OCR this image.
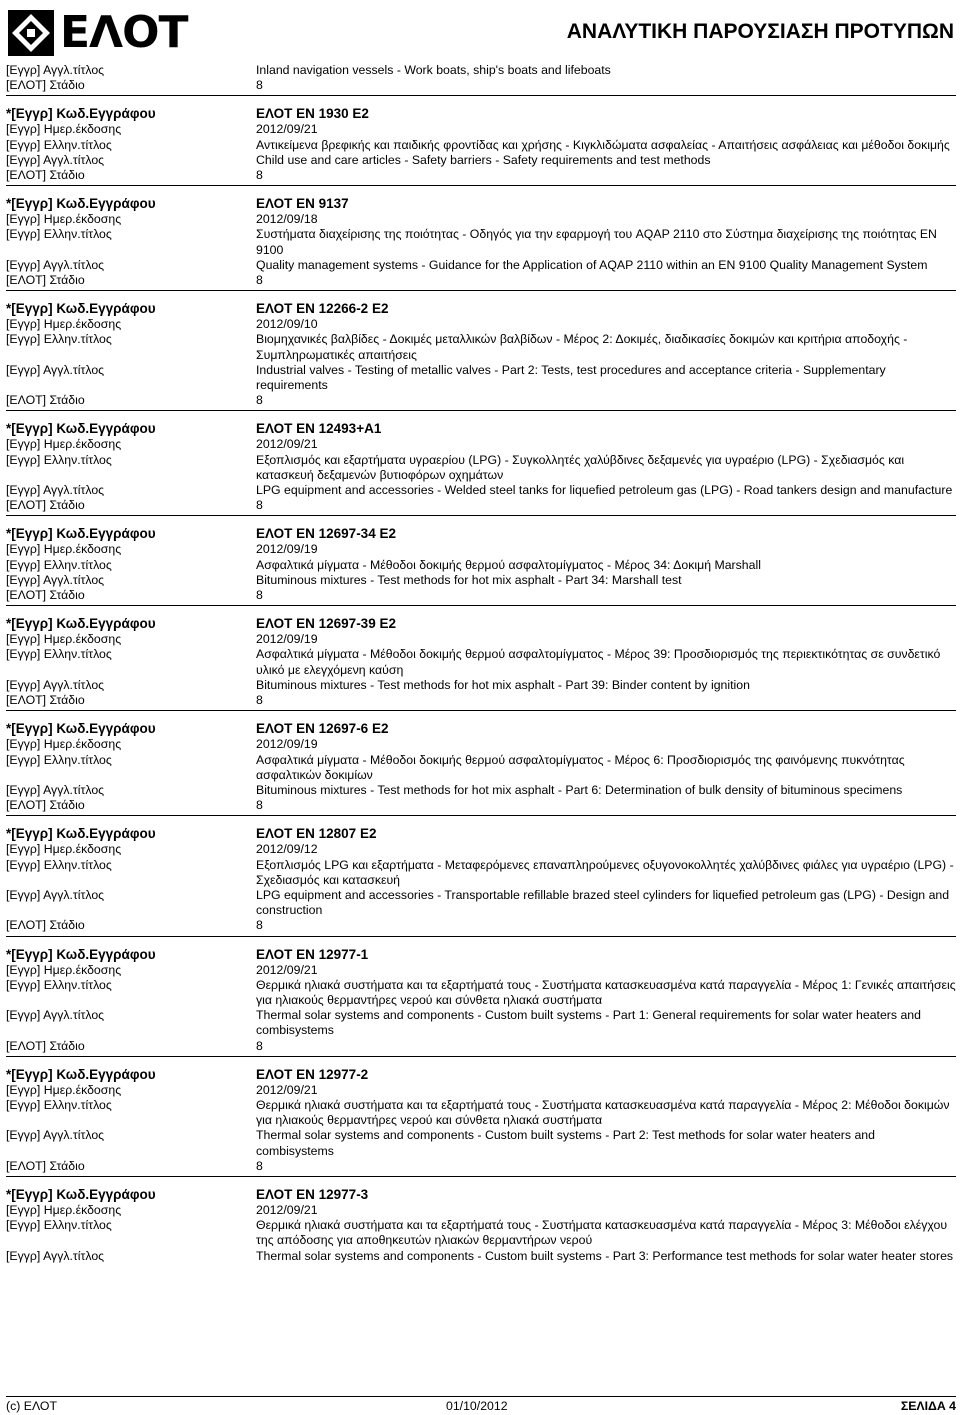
ΕΛΟΤ	ΑΝΑΛΥΤΙΚΗ ΠΑΡΟΥΣΙΑΣΗ ΠΡΟΤΥΠΩΝ
[Εγγρ] Αγγλ.τίτλος	Inland navigation vessels - Work boats, ship's boats and lifeboats
[ΕΛΟΤ] Στάδιο	8
*[Εγγρ] Κωδ.Εγγράφου	ΕΛΟΤ ΕΝ 1930 E2
[Εγγρ] Ημερ.έκδοσης	2012/09/21
[Εγγρ] Ελλην.τίτλος	Αντικείμενα βρεφικής και παιδικής φροντίδας και χρήσης - Κιγκλιδώματα ασφαλείας - Απαιτήσεις ασφάλειας και μέθοδοι δοκιμής
[Εγγρ] Αγγλ.τίτλος	Child use and care articles - Safety barriers - Safety requirements and test methods
[ΕΛΟΤ] Στάδιο	8
*[Εγγρ] Κωδ.Εγγράφου	ΕΛΟΤ ΕΝ 9137
[Εγγρ] Ημερ.έκδοσης	2012/09/18
[Εγγρ] Ελλην.τίτλος	Συστήματα διαχείρισης της ποιότητας - Οδηγός για την εφαρμογή του AQAP 2110 στο Σύστημα διαχείρισης της ποιότητας ΕΝ 9100
[Εγγρ] Αγγλ.τίτλος	Quality management systems - Guidance for the Application of AQAP 2110 within an EN 9100 Quality Management System
[ΕΛΟΤ] Στάδιο	8
*[Εγγρ] Κωδ.Εγγράφου	ΕΛΟΤ ΕΝ 12266-2 E2
[Εγγρ] Ημερ.έκδοσης	2012/09/10
[Εγγρ] Ελλην.τίτλος	Βιομηχανικές βαλβίδες - Δοκιμές μεταλλικών βαλβίδων - Μέρος 2: Δοκιμές, διαδικασίες δοκιμών και κριτήρια αποδοχής - Συμπληρωματικές απαιτήσεις
[Εγγρ] Αγγλ.τίτλος	Industrial valves - Testing of metallic valves - Part 2: Tests, test procedures and acceptance criteria - Supplementary requirements
[ΕΛΟΤ] Στάδιο	8
*[Εγγρ] Κωδ.Εγγράφου	ΕΛΟΤ ΕΝ 12493+A1
[Εγγρ] Ημερ.έκδοσης	2012/09/21
[Εγγρ] Ελλην.τίτλος	Εξοπλισμός και εξαρτήματα υγραερίου (LPG) - Συγκολλητές χαλύβδινες δεξαμενές για υγραέριο (LPG) - Σχεδιασμός και κατασκευή δεξαμενών βυτιοφόρων οχημάτων
[Εγγρ] Αγγλ.τίτλος	LPG equipment and accessories - Welded steel tanks for liquefied petroleum gas (LPG) - Road tankers design and manufacture
[ΕΛΟΤ] Στάδιο	8
*[Εγγρ] Κωδ.Εγγράφου	ΕΛΟΤ ΕΝ 12697-34 E2
[Εγγρ] Ημερ.έκδοσης	2012/09/19
[Εγγρ] Ελλην.τίτλος	Ασφαλτικά μίγματα - Μέθοδοι δοκιμής θερμού ασφαλτομίγματος - Μέρος 34: Δοκιμή Marshall
[Εγγρ] Αγγλ.τίτλος	Bituminous mixtures - Test methods for hot mix asphalt - Part 34: Marshall test
[ΕΛΟΤ] Στάδιο	8
*[Εγγρ] Κωδ.Εγγράφου	ΕΛΟΤ ΕΝ 12697-39 E2
[Εγγρ] Ημερ.έκδοσης	2012/09/19
[Εγγρ] Ελλην.τίτλος	Ασφαλτικά μίγματα - Μέθοδοι δοκιμής θερμού ασφαλτομίγματος - Μέρος 39: Προσδιορισμός της περιεκτικότητας σε συνδετικό υλικό με ελεγχόμενη καύση
[Εγγρ] Αγγλ.τίτλος	Bituminous mixtures - Test methods for hot mix asphalt - Part 39: Binder content by ignition
[ΕΛΟΤ] Στάδιο	8
*[Εγγρ] Κωδ.Εγγράφου	ΕΛΟΤ ΕΝ 12697-6 E2
[Εγγρ] Ημερ.έκδοσης	2012/09/19
[Εγγρ] Ελλην.τίτλος	Ασφαλτικά μίγματα - Μέθοδοι δοκιμής θερμού ασφαλτομίγματος - Μέρος 6: Προσδιορισμός της φαινόμενης πυκνότητας ασφαλτικών δοκιμίων
[Εγγρ] Αγγλ.τίτλος	Bituminous mixtures - Test methods for hot mix asphalt - Part 6: Determination of bulk density of bituminous specimens
[ΕΛΟΤ] Στάδιο	8
*[Εγγρ] Κωδ.Εγγράφου	ΕΛΟΤ ΕΝ 12807 E2
[Εγγρ] Ημερ.έκδοσης	2012/09/12
[Εγγρ] Ελλην.τίτλος	Εξοπλισμός LPG και εξαρτήματα - Μεταφερόμενες επαναπληρούμενες οξυγονοκολλητές χαλύβδινες φιάλες για υγραέριο (LPG) - Σχεδιασμός και κατασκευή
[Εγγρ] Αγγλ.τίτλος	LPG equipment and accessories - Transportable refillable brazed steel cylinders for liquefied petroleum gas (LPG) - Design and construction
[ΕΛΟΤ] Στάδιο	8
*[Εγγρ] Κωδ.Εγγράφου	ΕΛΟΤ ΕΝ 12977-1
[Εγγρ] Ημερ.έκδοσης	2012/09/21
[Εγγρ] Ελλην.τίτλος	Θερμικά ηλιακά συστήματα και τα εξαρτήματά τους - Συστήματα κατασκευασμένα κατά παραγγελία - Μέρος 1: Γενικές απαιτήσεις για ηλιακούς θερμαντήρες νερού και σύνθετα ηλιακά συστήματα
[Εγγρ] Αγγλ.τίτλος	Thermal solar systems and components - Custom built systems - Part 1: General requirements for solar water heaters and combisystems
[ΕΛΟΤ] Στάδιο	8
*[Εγγρ] Κωδ.Εγγράφου	ΕΛΟΤ ΕΝ 12977-2
[Εγγρ] Ημερ.έκδοσης	2012/09/21
[Εγγρ] Ελλην.τίτλος	Θερμικά ηλιακά συστήματα και τα εξαρτήματά τους - Συστήματα κατασκευασμένα κατά παραγγελία - Μέρος 2: Μέθοδοι δοκιμών για ηλιακούς θερμαντήρες νερού και σύνθετα ηλιακά συστήματα
[Εγγρ] Αγγλ.τίτλος	Thermal solar systems and components - Custom built systems - Part 2: Test methods for solar water heaters and combisystems
[ΕΛΟΤ] Στάδιο	8
*[Εγγρ] Κωδ.Εγγράφου	ΕΛΟΤ ΕΝ 12977-3
[Εγγρ] Ημερ.έκδοσης	2012/09/21
[Εγγρ] Ελλην.τίτλος	Θερμικά ηλιακά συστήματα και τα εξαρτήματά τους - Συστήματα κατασκευασμένα κατά παραγγελία - Μέρος 3: Μέθοδοι ελέγχου της απόδοσης για αποθηκευτών ηλιακών θερμαντήρων νερού
[Εγγρ] Αγγλ.τίτλος	Thermal solar systems and components - Custom built systems - Part 3: Performance test methods for solar water heater stores
(c) ΕΛΟΤ	01/10/2012	ΣΕΛΙΔΑ 4
